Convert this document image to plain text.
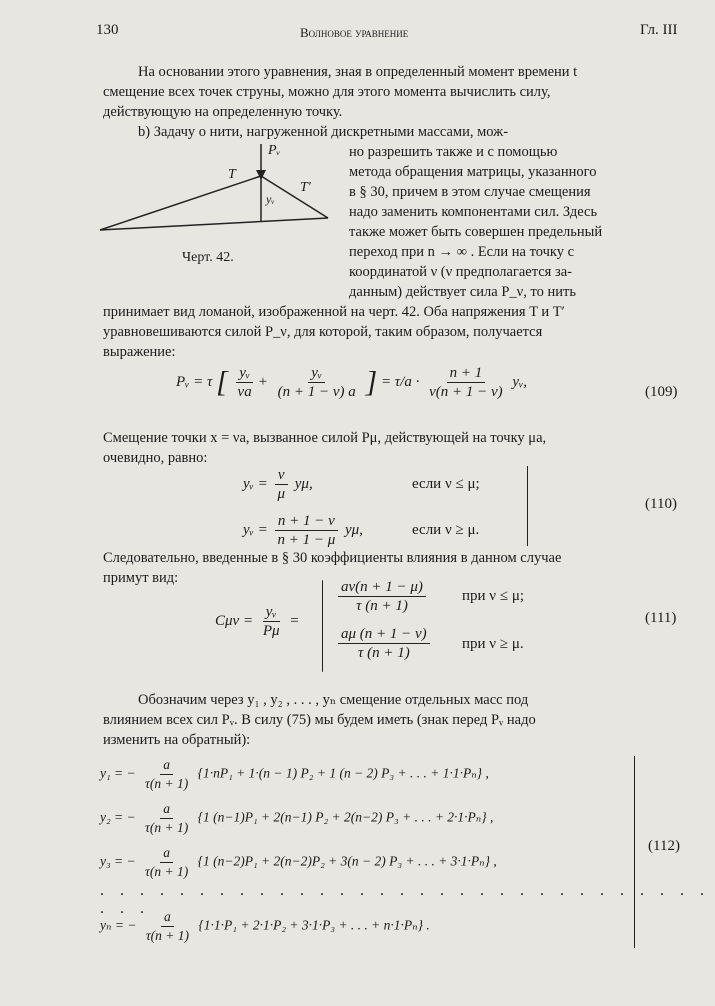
130	Волновое уравнение	Гл. III
На основании этого уравнения, зная в определенный момент времени t
смещение всех точек струны, можно для этого момента вычислить силу,
действующую на определенную точку.
b) Задачу о нити, нагруженной дискретными массами, мож-
но разрешить также и с помощью
метода обращения матрицы, указанного
в § 30, причем в этом случае смещения
надо заменить компонентами сил. Здесь
также может быть совершен предельный
переход при n → ∞ . Если на точку с
координатой ν (ν предполагается за-
данным) действует сила P_ν, то нить
принимает вид ломаной, изображенной на черт. 42. Оба напряжения T и T′
уравновешиваются силой P_ν, для которой, таким образом, получается
выражение:
Pᵥ
T
T′
yᵥ
Черт. 42.
Pᵥ = τ [ $\frac{\text{yᵥ}}{\nu a} + \frac{\text{yᵥ}}{(n + 1 - \nu) a}$ ] = $\tau/a \cdot \frac{n + 1}{\nu(n + 1 - \nu)}$ yᵥ,
(109)
Смещение точки x = νa, вызванное силой Pμ, действующей на точку μa,
очевидно, равно:
yᵥ = $\frac{\nu}{\mu} y\mu$,	если ν ≤ μ;
yᵥ = $\frac{n + 1 - \nu}{n + 1 - \mu} y\mu$,	если ν ≥ μ.
(110)
Следовательно, введенные в § 30 коэффициенты влияния в данном случае
примут вид:
$C\mu\nu = \frac{\text{yᵥ}}{P\mu}$ =
$\frac{a\nu(n + 1 - \mu)}{\tau (n + 1)}$ при ν ≤ μ;
$\frac{a\mu (n + 1 - \nu)}{\tau (n + 1)}$ при ν ≥ μ.
(111)
Обозначим через y₁ , y₂ , . . . , yₙ смещение отдельных масс под
влиянием всех сил Pᵥ. В силу (75) мы будем иметь (знак перед Pᵥ надо
изменить на обратный):
y₁ = − $\frac{a}{\tau(n + 1)} \{1\cdot nP_1 + 1\cdot(n - 1) P_2 + 1$ (n − 2) P₃ + . . . + 1·1·Pₙ} ,
y₂ = − $\frac{a}{\tau(n + 1)} \{1$ (n−1)P₁ + 2(n−1) P₂ + 2(n−2) P₃ + . . . + 2·1·Pₙ} ,
y₃ = − $\frac{a}{\tau(n + 1)} \{1$ (n−2)P₁ + 2(n−2)P₂ + 3(n − 2) P₃ + . . . + 3·1·Pₙ} ,
. . . . . . . . . . . . . . . . . . . . . . . . . . . . . . . . . .
yₙ = − $\frac{a}{\tau(n + 1)} \{1\cdot 1\cdot P_1 + 2\cdot 1\cdot P_2 + 3\cdot 1\cdot P_3$ + . . . + n·1·Pₙ} .
(112)
